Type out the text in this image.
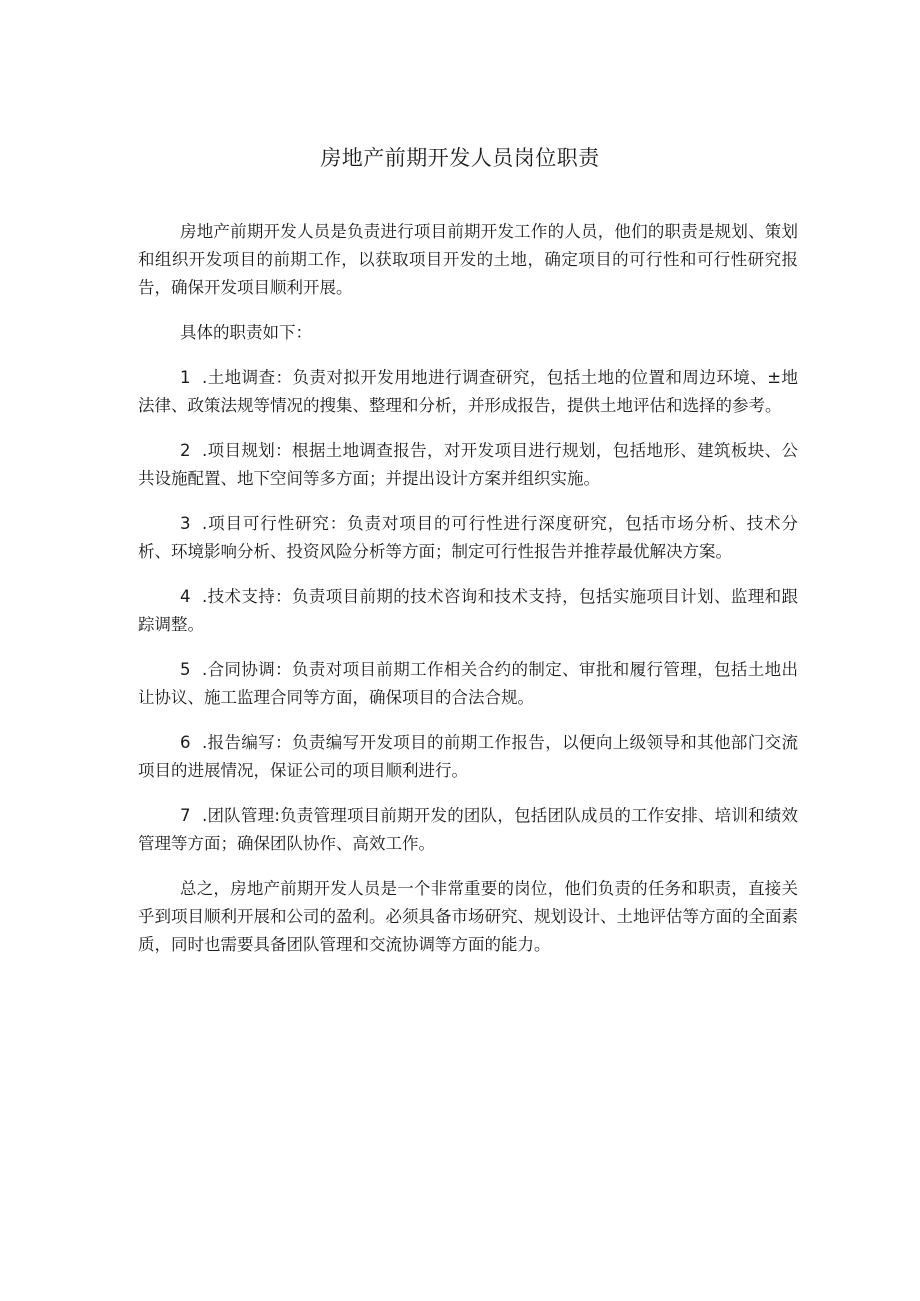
房地产前期开发人员岗位职责

房地产前期开发人员是负责进行项目前期开发工作的人员，他们的职责是规划、策划和组织开发项目的前期工作，以获取项目开发的土地，确定项目的可行性和可行性研究报告，确保开发项目顺利开展。

具体的职责如下：

1 .土地调查：负责对拟开发用地进行调查研究，包括土地的位置和周边环境、±地法律、政策法规等情况的搜集、整理和分析，并形成报告，提供土地评估和选择的参考。

2 .项目规划：根据土地调查报告，对开发项目进行规划，包括地形、建筑板块、公共设施配置、地下空间等多方面；并提出设计方案并组织实施。

3 .项目可行性研究：负责对项目的可行性进行深度研究，包括市场分析、技术分析、环境影响分析、投资风险分析等方面；制定可行性报告并推荐最优解决方案。

4 .技术支持：负责项目前期的技术咨询和技术支持，包括实施项目计划、监理和跟踪调整。

5 .合同协调：负责对项目前期工作相关合约的制定、审批和履行管理，包括土地出让协议、施工监理合同等方面，确保项目的合法合规。

6 .报告编写：负责编写开发项目的前期工作报告，以便向上级领导和其他部门交流项目的进展情况，保证公司的项目顺利进行。

7 .团队管理:负责管理项目前期开发的团队，包括团队成员的工作安排、培训和绩效管理等方面；确保团队协作、高效工作。

总之，房地产前期开发人员是一个非常重要的岗位，他们负责的任务和职责，直接关乎到项目顺利开展和公司的盈利。必须具备市场研究、规划设计、土地评估等方面的全面素质，同时也需要具备团队管理和交流协调等方面的能力。
